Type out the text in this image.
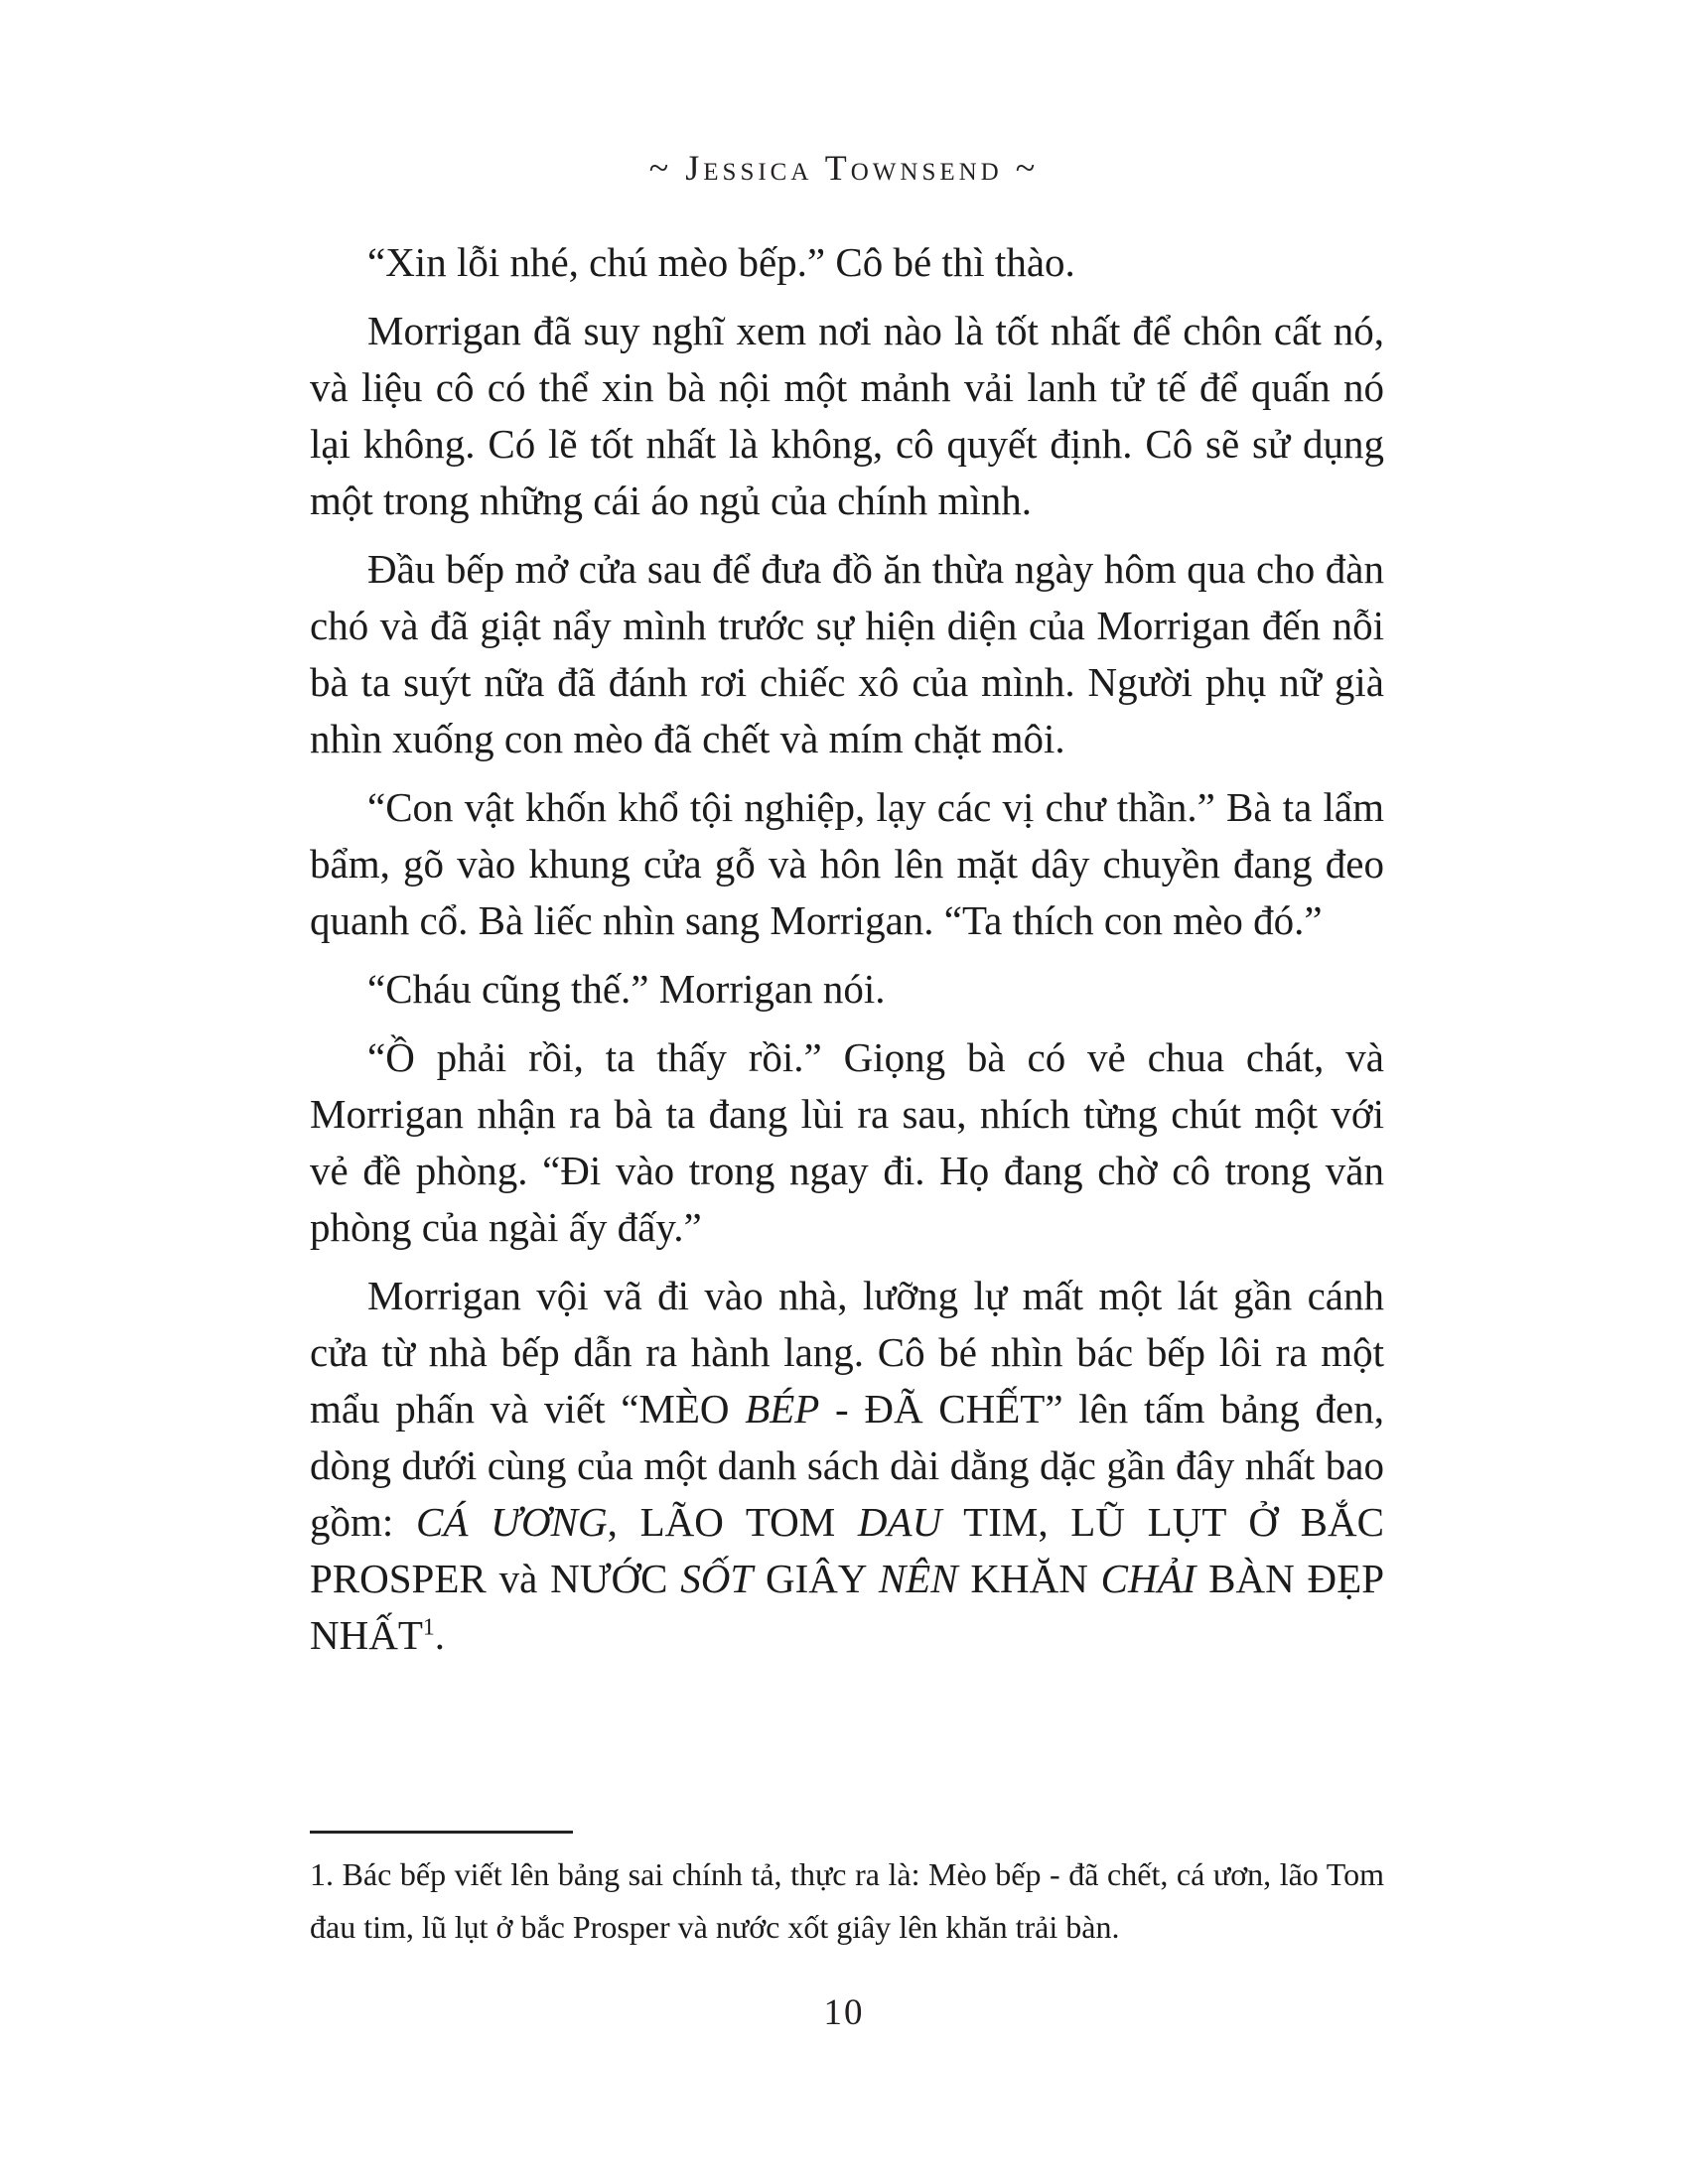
~ Jessica Townsend ~

“Xin lỗi nhé, chú mèo bếp.” Cô bé thì thào.

Morrigan đã suy nghĩ xem nơi nào là tốt nhất để chôn cất nó, và liệu cô có thể xin bà nội một mảnh vải lanh tử tế để quấn nó lại không. Có lẽ tốt nhất là không, cô quyết định. Cô sẽ sử dụng một trong những cái áo ngủ của chính mình.

Đầu bếp mở cửa sau để đưa đồ ăn thừa ngày hôm qua cho đàn chó và đã giật nẩy mình trước sự hiện diện của Morrigan đến nỗi bà ta suýt nữa đã đánh rơi chiếc xô của mình. Người phụ nữ già nhìn xuống con mèo đã chết và mím chặt môi.

“Con vật khốn khổ tội nghiệp, lạy các vị chư thần.” Bà ta lẩm bẩm, gõ vào khung cửa gỗ và hôn lên mặt dây chuyền đang đeo quanh cổ. Bà liếc nhìn sang Morrigan. “Ta thích con mèo đó.”

“Cháu cũng thế.” Morrigan nói.

“Ồ phải rồi, ta thấy rồi.” Giọng bà có vẻ chua chát, và Morrigan nhận ra bà ta đang lùi ra sau, nhích từng chút một với vẻ đề phòng. “Đi vào trong ngay đi. Họ đang chờ cô trong văn phòng của ngài ấy đấy.”

Morrigan vội vã đi vào nhà, lưỡng lự mất một lát gần cánh cửa từ nhà bếp dẫn ra hành lang. Cô bé nhìn bác bếp lôi ra một mẩu phấn và viết “MÈO BÉP - ĐÃ CHẾT” lên tấm bảng đen, dòng dưới cùng của một danh sách dài dằng dặc gần đây nhất bao gồm: CÁ ƯƠNG, LÃO TOM DAU TIM, LŨ LỤT Ở BẮC PROSPER và NƯỚC SỐT GIÂY NÊN KHĂN CHẢI BÀN ĐẸP NHẤT$^1$.

1. Bác bếp viết lên bảng sai chính tả, thực ra là: Mèo bếp - đã chết, cá ươn, lão Tom đau tim, lũ lụt ở bắc Prosper và nước xốt giây lên khăn trải bàn.
10
